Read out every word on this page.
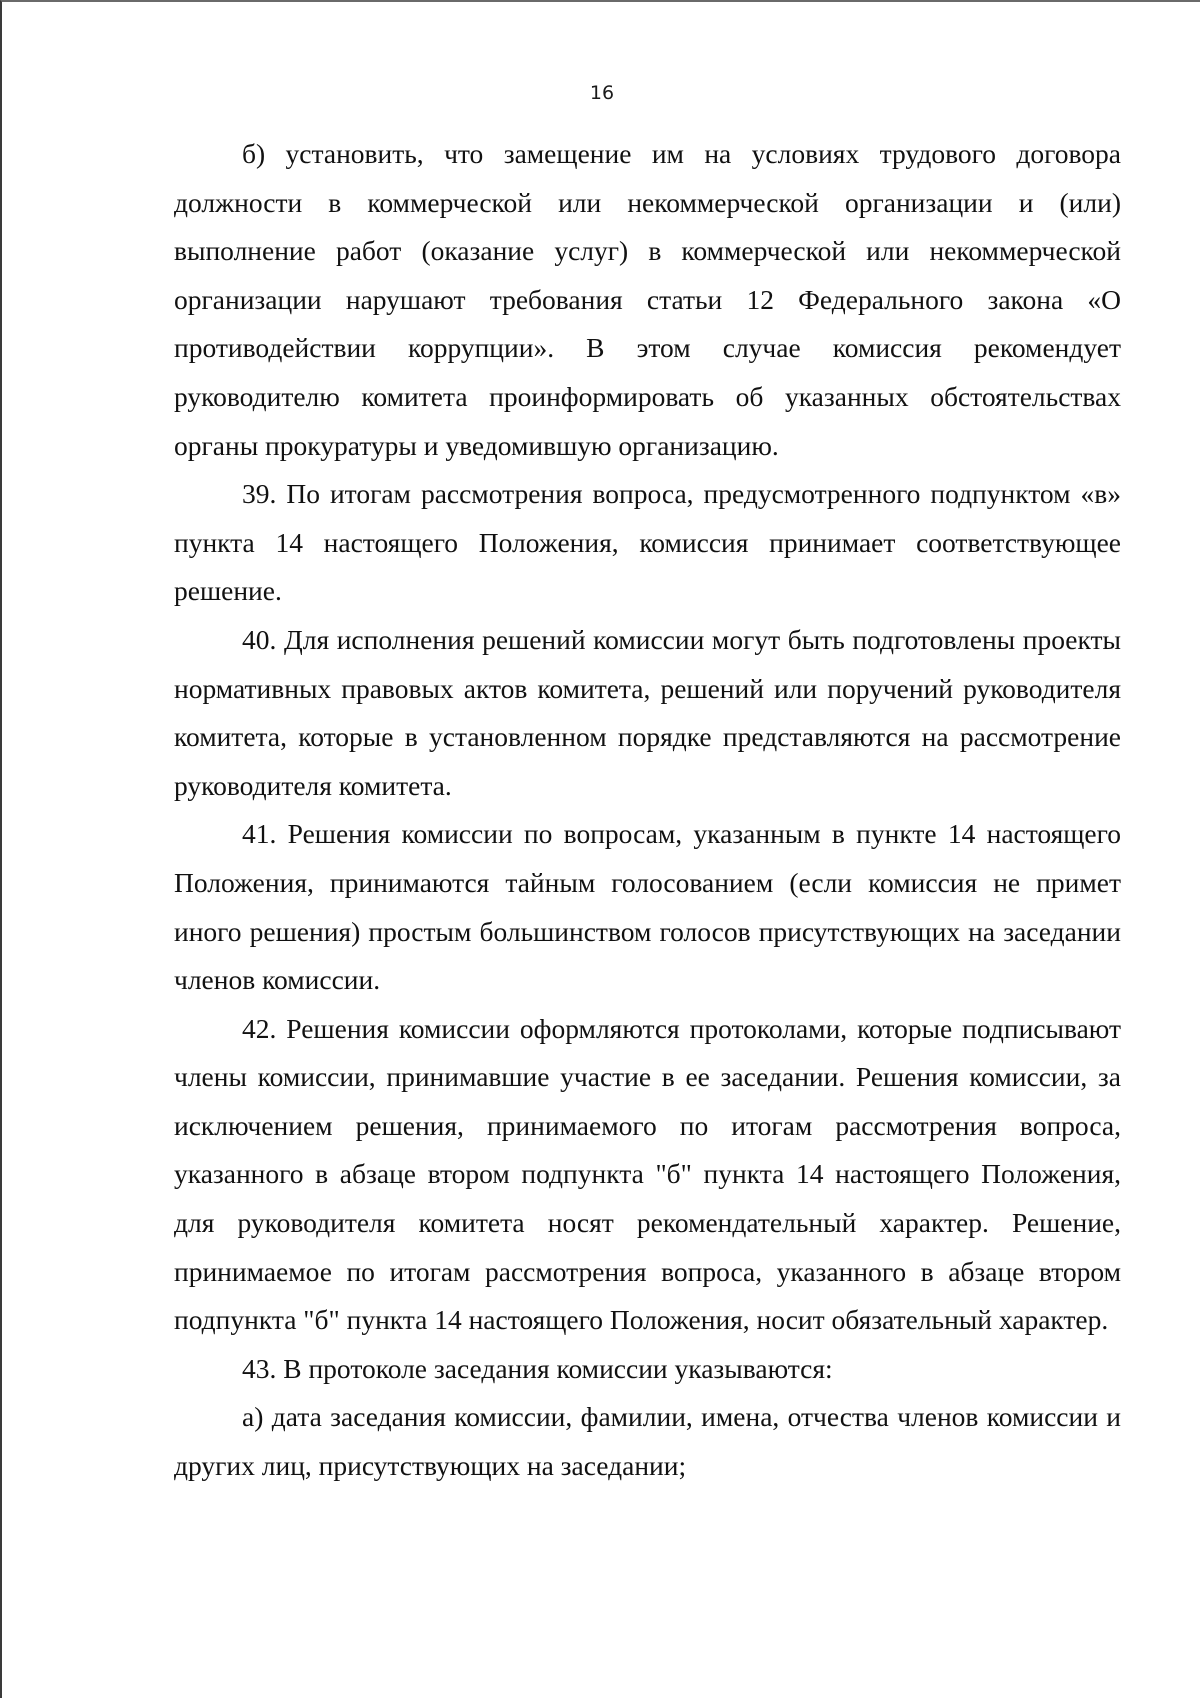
16

б) установить, что замещение им на условиях трудового договора должности в коммерческой или некоммерческой организации и (или) выполнение работ (оказание услуг) в коммерческой или некоммерческой организации нарушают требования статьи 12 Федерального закона «О противодействии коррупции». В этом случае комиссия рекомендует руководителю комитета проинформировать об указанных обстоятельствах органы прокуратуры и уведомившую организацию.

39. По итогам рассмотрения вопроса, предусмотренного подпунктом «в» пункта 14 настоящего Положения, комиссия принимает соответствующее решение.

40. Для исполнения решений комиссии могут быть подготовлены проекты нормативных правовых актов комитета, решений или поручений руководителя комитета, которые в установленном порядке представляются на рассмотрение руководителя комитета.

41. Решения комиссии по вопросам, указанным в пункте 14 настоящего Положения, принимаются тайным голосованием (если комиссия не примет иного решения) простым большинством голосов присутствующих на заседании членов комиссии.

42. Решения комиссии оформляются протоколами, которые подписывают члены комиссии, принимавшие участие в ее заседании. Решения комиссии, за исключением решения, принимаемого по итогам рассмотрения вопроса, указанного в абзаце втором подпункта "б" пункта 14 настоящего Положения, для руководителя комитета носят рекомендательный характер. Решение, принимаемое по итогам рассмотрения вопроса, указанного в абзаце втором подпункта "б" пункта 14 настоящего Положения, носит обязательный характер.

43. В протоколе заседания комиссии указываются:

а) дата заседания комиссии, фамилии, имена, отчества членов комиссии и других лиц, присутствующих на заседании;
